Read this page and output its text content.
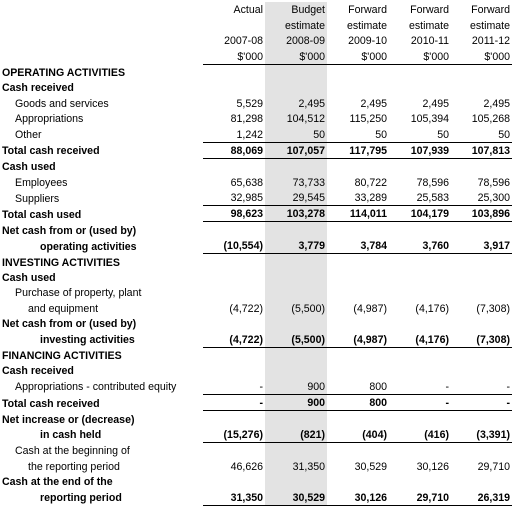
	Actual	Budget	Forward	Forward	Forward
		estimate	estimate	estimate	estimate
	2007-08	2008-09	2009-10	2010-11	2011-12
	$'000	$'000	$'000	$'000	$'000
OPERATING ACTIVITIES					
Cash received					
Goods and services	5,529	2,495	2,495	2,495	2,495
Appropriations	81,298	104,512	115,250	105,394	105,268
Other	1,242	50	50	50	50
Total cash received	88,069	107,057	117,795	107,939	107,813
Cash used					
Employees	65,638	73,733	80,722	78,596	78,596
Suppliers	32,985	29,545	33,289	25,583	25,300
Total cash used	98,623	103,278	114,011	104,179	103,896
Net cash from or (used by)					
operating activities	(10,554)	3,779	3,784	3,760	3,917
INVESTING ACTIVITIES					
Cash used					
Purchase of property, plant					
and equipment	(4,722)	(5,500)	(4,987)	(4,176)	(7,308)
Net cash from or (used by)					
investing activities	(4,722)	(5,500)	(4,987)	(4,176)	(7,308)
FINANCING ACTIVITIES					
Cash received					
Appropriations - contributed equity	-	900	800	-	-
Total cash received	-	900	800	-	-
Net increase or (decrease)					
in cash held	(15,276)	(821)	(404)	(416)	(3,391)
Cash at the beginning of					
the reporting period	46,626	31,350	30,529	30,126	29,710
Cash at the end of the					
reporting period	31,350	30,529	30,126	29,710	26,319
